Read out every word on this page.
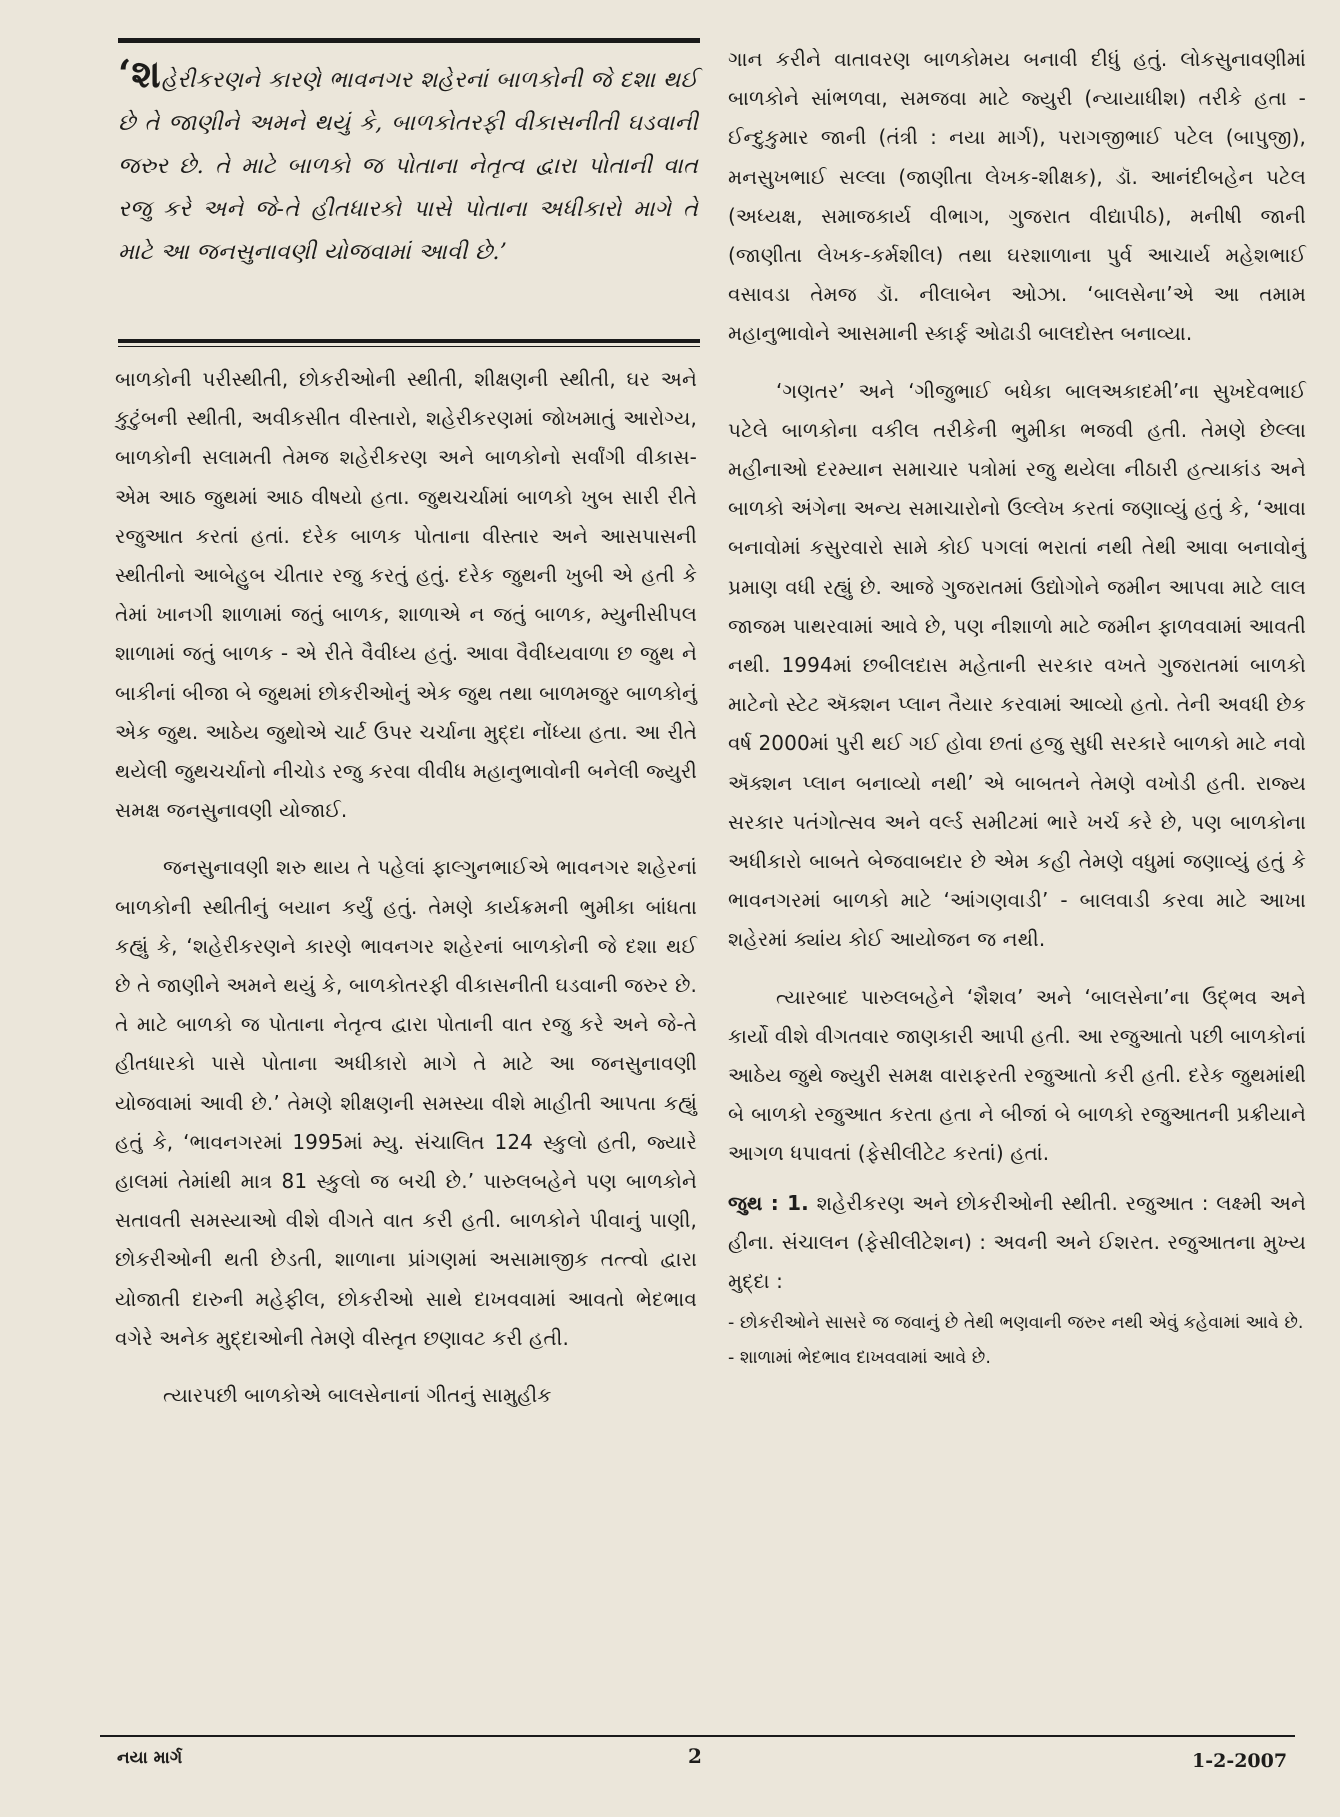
‘શહેરીકરણને કારણે ભાવનગર શહેરનાં બાળકોની જે દશા થઈ છે તે જાણીને અમને થયું કે, બાળકોતરફી વીકાસનીતી ઘડવાની જરુર છે. તે માટે બાળકો જ પોતાના નેતૃત્વ દ્વારા પોતાની વાત રજુ કરે અને જે-તે હીતધારકો પાસે પોતાના અધીકારો માગે તે માટે આ જનસુનાવણી યોજવામાં આવી છે.’

બાળકોની પરીસ્થીતી, છોકરીઓની સ્થીતી, શીક્ષણની સ્થીતી, ઘર અને કુટુંબની સ્થીતી, અવીકસીત વીસ્તારો, શહેરીકરણમાં જોખમાતું આરોગ્ય, બાળકોની સલામતી તેમજ શહેરીકરણ અને બાળકોનો સર્વાંગી વીકાસ-એમ આઠ જુથમાં આઠ વીષયો હતા. જુથચર્ચામાં બાળકો ખુબ સારી રીતે રજુઆત કરતાં હતાં. દરેક બાળક પોતાના વીસ્તાર અને આસપાસની સ્થીતીનો આબેહુબ ચીતાર રજુ કરતું હતું. દરેક જુથની ખુબી એ હતી કે તેમાં ખાનગી શાળામાં જતું બાળક, શાળાએ ન જતું બાળક, મ્યુનીસીપલ શાળામાં જતું બાળક - એ રીતે વૈવીધ્ય હતું. આવા વૈવીધ્યવાળા છ જુથ ને બાકીનાં બીજા બે જુથમાં છોકરીઓનું એક જુથ તથા બાળમજુર બાળકોનું એક જુથ. આઠેય જુથોએ ચાર્ટ ઉપર ચર્ચાના મુદ્દા નોંધ્યા હતા. આ રીતે થયેલી જુથચર્ચાનો નીચોડ રજુ કરવા વીવીધ મહાનુભાવોની બનેલી જ્યુરી સમક્ષ જનસુનાવણી યોજાઈ.

જનસુનાવણી શરુ થાય તે પહેલાં ફાલ્ગુનભાઈએ ભાવનગર શહેરનાં બાળકોની સ્થીતીનું બયાન કર્યું હતું. તેમણે કાર્યક્રમની ભુમીકા બાંધતા કહ્યું કે, ‘શહેરીકરણને કારણે ભાવનગર શહેરનાં બાળકોની જે દશા થઈ છે તે જાણીને અમને થયું કે, બાળકોતરફી વીકાસનીતી ઘડવાની જરુર છે. તે માટે બાળકો જ પોતાના નેતૃત્વ દ્વારા પોતાની વાત રજુ કરે અને જે-તે હીતધારકો પાસે પોતાના અધીકારો માગે તે માટે આ જનસુનાવણી યોજવામાં આવી છે.’ તેમણે શીક્ષણની સમસ્યા વીશે માહીતી આપતા કહ્યું હતું કે, ‘ભાવનગરમાં 1995માં મ્યુ. સંચાલિત 124 સ્કુલો હતી, જ્યારે હાલમાં તેમાંથી માત્ર 81 સ્કુલો જ બચી છે.’ પારુલબહેને પણ બાળકોને સતાવતી સમસ્યાઓ વીશે વીગતે વાત કરી હતી. બાળકોને પીવાનું પાણી, છોકરીઓની થતી છેડતી, શાળાના પ્રાંગણમાં અસામાજીક તત્ત્વો દ્વારા યોજાતી દારુની મહેફીલ, છોકરીઓ સાથે દાખવવામાં આવતો ભેદભાવ વગેરે અનેક મુદ્દાઓની તેમણે વીસ્તૃત છણાવટ કરી હતી.

ત્યારપછી બાળકોએ બાલસેનાનાં ગીતનું સામુહીક

ગાન કરીને વાતાવરણ બાળકોમય બનાવી દીધું હતું. લોકસુનાવણીમાં બાળકોને સાંભળવા, સમજવા માટે જ્યુરી (ન્યાયાધીશ) તરીકે હતા - ઈન્દુકુમાર જાની (તંત્રી : નયા માર્ગ), પરાગજીભાઈ પટેલ (બાપુજી), મનસુખભાઈ સલ્લા (જાણીતા લેખક-શીક્ષક), ડૉ. આનંદીબહેન પટેલ (અધ્યક્ષ, સમાજકાર્ય વીભાગ, ગુજરાત વીદ્યાપીઠ), મનીષી જાની (જાણીતા લેખક-કર્મશીલ) તથા ઘરશાળાના પુર્વ આચાર્ય મહેશભાઈ વસાવડા તેમજ ડૉ. નીલાબેન ઓઝા. ‘બાલસેના’એ આ તમામ મહાનુભાવોને આસમાની સ્કાર્ફ ઓઢાડી બાલદોસ્ત બનાવ્યા.

‘ગણતર’ અને ‘ગીજુભાઈ બધેકા બાલઅકાદમી’ના સુખદેવભાઈ પટેલે બાળકોના વકીલ તરીકેની ભુમીકા ભજવી હતી. તેમણે છેલ્લા મહીનાઓ દરમ્યાન સમાચાર પત્રોમાં રજુ થયેલા નીઠારી હત્યાકાંડ અને બાળકો અંગેના અન્ય સમાચારોનો ઉલ્લેખ કરતાં જણાવ્યું હતું કે, ‘આવા બનાવોમાં કસુરવારો સામે કોઈ પગલાં ભરાતાં નથી તેથી આવા બનાવોનું પ્રમાણ વધી રહ્યું છે. આજે ગુજરાતમાં ઉદ્યોગોને જમીન આપવા માટે લાલ જાજમ પાથરવામાં આવે છે, પણ નીશાળો માટે જમીન ફાળવવામાં આવતી નથી. 1994માં છબીલદાસ મહેતાની સરકાર વખતે ગુજરાતમાં બાળકો માટેનો સ્ટેટ ઍક્શન પ્લાન તૈયાર કરવામાં આવ્યો હતો. તેની અવધી છેક વર્ષ 2000માં પુરી થઈ ગઈ હોવા છતાં હજુ સુધી સરકારે બાળકો માટે નવો ઍક્શન પ્લાન બનાવ્યો નથી’ એ બાબતને તેમણે વખોડી હતી. રાજ્ય સરકાર પતંગોત્સવ અને વર્લ્ડ સમીટમાં ભારે ખર્ચ કરે છે, પણ બાળકોના અધીકારો બાબતે બેજવાબદાર છે એમ કહી તેમણે વધુમાં જણાવ્યું હતું કે ભાવનગરમાં બાળકો માટે ‘આંગણવાડી’ - બાલવાડી કરવા માટે આખા શહેરમાં ક્યાંય કોઈ આયોજન જ નથી.

ત્યારબાદ પારુલબહેને ‘શૈશવ’ અને ‘બાલસેના’ના ઉદ્ભવ અને કાર્યો વીશે વીગતવાર જાણકારી આપી હતી. આ રજુઆતો પછી બાળકોનાં આઠેય જુથે જ્યુરી સમક્ષ વારાફરતી રજુઆતો કરી હતી. દરેક જુથમાંથી બે બાળકો રજુઆત કરતા હતા ને બીજાં બે બાળકો રજુઆતની પ્રક્રીયાને આગળ ધપાવતાં (ફેસીલીટેટ કરતાં) હતાં.

જુથ : 1. શહેરીકરણ અને છોકરીઓની સ્થીતી. રજુઆત : લક્ષ્મી અને હીના. સંચાલન (ફેસીલીટેશન) : અવની અને ઈશરત. રજુઆતના મુખ્ય મુદ્દા :

- છોકરીઓને સાસરે જ જવાનું છે તેથી ભણવાની જરુર નથી એવું કહેવામાં આવે છે.

- શાળામાં ભેદભાવ દાખવવામાં આવે છે.

નયા માર્ગ	2	1-2-2007
